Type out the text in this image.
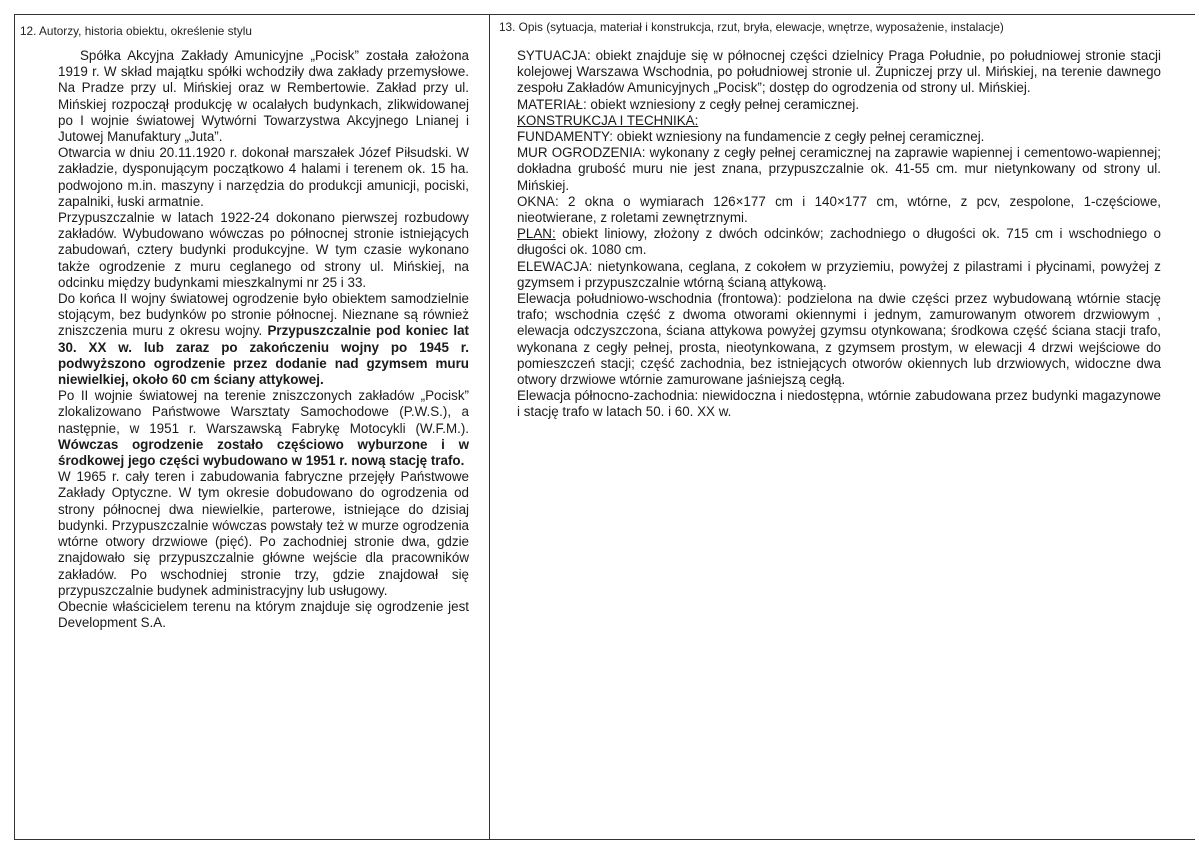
12. Autorzy, historia obiektu, określenie stylu

Spółka Akcyjna Zakłady Amunicyjne „Pocisk” została założona 1919 r. W skład majątku spółki wchodziły dwa zakłady przemysłowe. Na Pradze przy ul. Mińskiej oraz w Rembertowie. Zakład przy ul. Mińskiej rozpoczął produkcję w ocalałych budynkach, zlikwidowanej po I wojnie światowej Wytwórni Towarzystwa Akcyjnego Lnianej i Jutowej Manufaktury „Juta”.

Otwarcia w dniu 20.11.1920 r. dokonał marszałek Józef Piłsudski. W zakładzie, dysponującym początkowo 4 halami i terenem ok. 15 ha. podwojono m.in. maszyny i narzędzia do produkcji amunicji, pociski, zapalniki, łuski armatnie.

Przypuszczalnie w latach 1922-24 dokonano pierwszej rozbudowy zakładów. Wybudowano wówczas po północnej stronie istniejących zabudowań, cztery budynki produkcyjne. W tym czasie wykonano także ogrodzenie z muru ceglanego od strony ul. Mińskiej, na odcinku między budynkami mieszkalnymi nr 25 i 33.

Do końca II wojny światowej ogrodzenie było obiektem samodzielnie stojącym, bez budynków po stronie północnej. Nieznane są również zniszczenia muru z okresu wojny. Przypuszczalnie pod koniec lat 30. XX w. lub zaraz po zakończeniu wojny po 1945 r. podwyższono ogrodzenie przez dodanie nad gzymsem muru niewielkiej, około 60 cm ściany attykowej.

Po II wojnie światowej na terenie zniszczonych zakładów „Pocisk” zlokalizowano Państwowe Warsztaty Samochodowe (P.W.S.), a następnie, w 1951 r. Warszawską Fabrykę Motocykli (W.F.M.). Wówczas ogrodzenie zostało częściowo wyburzone i w środkowej jego części wybudowano w 1951 r. nową stację trafo.

W 1965 r. cały teren i zabudowania fabryczne przejęły Państwowe Zakłady Optyczne. W tym okresie dobudowano do ogrodzenia od strony północnej dwa niewielkie, parterowe, istniejące do dzisiaj budynki. Przypuszczalnie wówczas powstały też w murze ogrodzenia wtórne otwory drzwiowe (pięć). Po zachodniej stronie dwa, gdzie znajdowało się przypuszczalnie główne wejście dla pracowników zakładów. Po wschodniej stronie trzy, gdzie znajdował się przypuszczalnie budynek administracyjny lub usługowy.

Obecnie właścicielem terenu na którym znajduje się ogrodzenie jest Development S.A.

13. Opis (sytuacja, materiał i konstrukcja, rzut, bryła, elewacje, wnętrze, wyposażenie, instalacje)

SYTUACJA: obiekt znajduje się w północnej części dzielnicy Praga Południe, po południowej stronie stacji kolejowej Warszawa Wschodnia, po południowej stronie ul. Żupniczej przy ul. Mińskiej, na terenie dawnego zespołu Zakładów Amunicyjnych „Pocisk”; dostęp do ogrodzenia od strony ul. Mińskiej.

MATERIAŁ: obiekt wzniesiony z cegły pełnej ceramicznej.

KONSTRUKCJA I TECHNIKA:

FUNDAMENTY: obiekt wzniesiony na fundamencie z cegły pełnej ceramicznej.

MUR OGRODZENIA: wykonany z cegły pełnej ceramicznej na zaprawie wapiennej i cementowo-wapiennej; dokładna grubość muru nie jest znana, przypuszczalnie ok. 41-55 cm. mur nietynkowany od strony ul. Mińskiej.

OKNA: 2 okna o wymiarach 126×177 cm i 140×177 cm, wtórne, z pcv, zespolone, 1-częściowe, nieotwierane, z roletami zewnętrznymi.

PLAN: obiekt liniowy, złożony z dwóch odcinków; zachodniego o długości ok. 715 cm i wschodniego o długości ok. 1080 cm.

ELEWACJA: nietynkowana, ceglana, z cokołem w przyziemiu, powyżej z pilastrami i płycinami, powyżej z gzymsem i przypuszczalnie wtórną ścianą attykową.

Elewacja południowo-wschodnia (frontowa): podzielona na dwie części przez wybudowaną wtórnie stację trafo; wschodnia część z dwoma otworami okiennymi i jednym, zamurowanym otworem drzwiowym , elewacja odczyszczona, ściana attykowa powyżej gzymsu otynkowana; środkowa część ściana stacji trafo, wykonana z cegły pełnej, prosta, nieotynkowana, z gzymsem prostym, w elewacji 4 drzwi wejściowe do pomieszczeń stacji; część zachodnia, bez istniejących otworów okiennych lub drzwiowych, widoczne dwa otwory drzwiowe wtórnie zamurowane jaśniejszą cegłą.

Elewacja północno-zachodnia: niewidoczna i niedostępna, wtórnie zabudowana przez budynki magazynowe i stację trafo w latach 50. i 60. XX w.
